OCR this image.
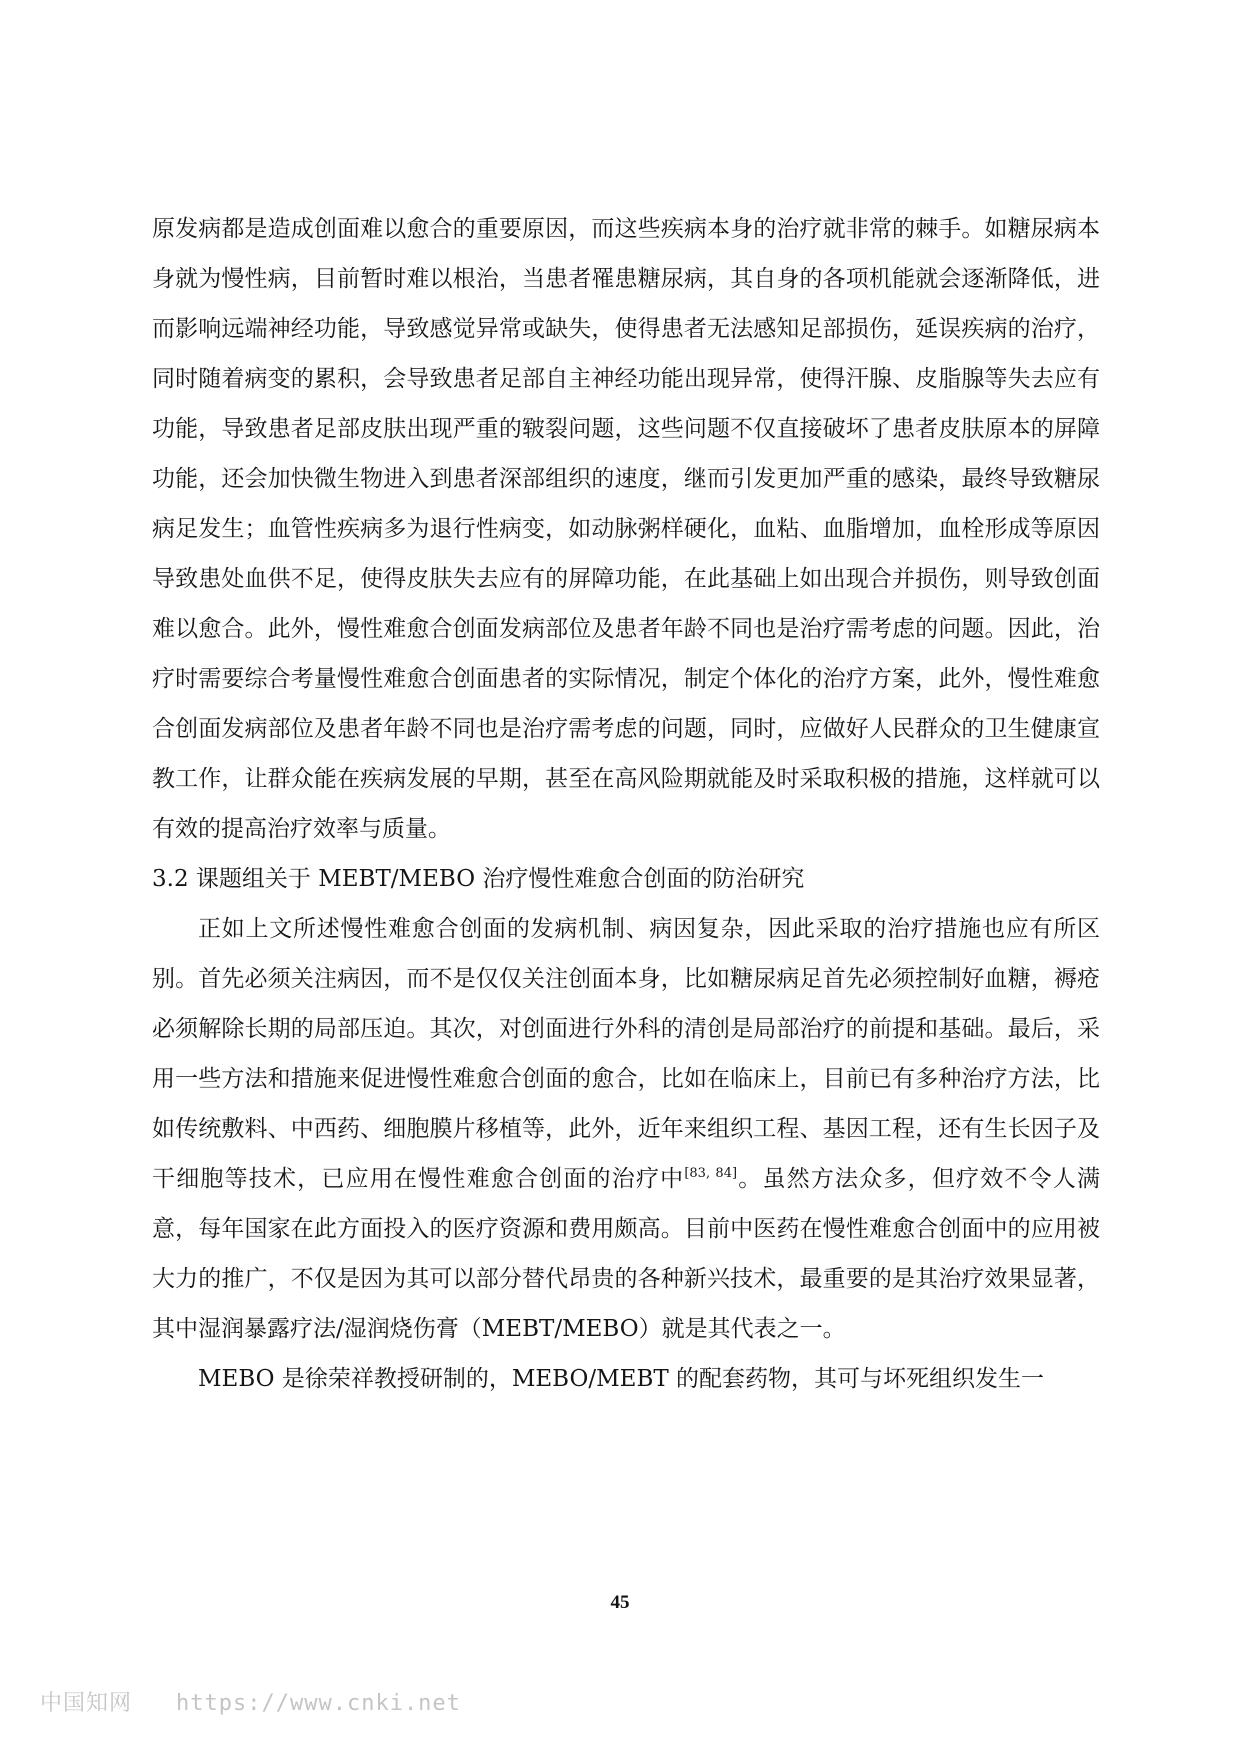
原发病都是造成创面难以愈合的重要原因，而这些疾病本身的治疗就非常的棘手。如糖尿病本身就为慢性病，目前暂时难以根治，当患者罹患糖尿病，其自身的各项机能就会逐渐降低，进而影响远端神经功能，导致感觉异常或缺失，使得患者无法感知足部损伤，延误疾病的治疗，同时随着病变的累积，会导致患者足部自主神经功能出现异常，使得汗腺、皮脂腺等失去应有功能，导致患者足部皮肤出现严重的皲裂问题，这些问题不仅直接破坏了患者皮肤原本的屏障功能，还会加快微生物进入到患者深部组织的速度，继而引发更加严重的感染，最终导致糖尿病足发生；血管性疾病多为退行性病变，如动脉粥样硬化，血粘、血脂增加，血栓形成等原因导致患处血供不足，使得皮肤失去应有的屏障功能，在此基础上如出现合并损伤，则导致创面难以愈合。此外，慢性难愈合创面发病部位及患者年龄不同也是治疗需考虑的问题。因此，治疗时需要综合考量慢性难愈合创面患者的实际情况，制定个体化的治疗方案，此外，慢性难愈合创面发病部位及患者年龄不同也是治疗需考虑的问题，同时，应做好人民群众的卫生健康宣教工作，让群众能在疾病发展的早期，甚至在高风险期就能及时采取积极的措施，这样就可以有效的提高治疗效率与质量。

3.2 课题组关于 MEBT/MEBO 治疗慢性难愈合创面的防治研究

正如上文所述慢性难愈合创面的发病机制、病因复杂，因此采取的治疗措施也应有所区别。首先必须关注病因，而不是仅仅关注创面本身，比如糖尿病足首先必须控制好血糖，褥疮必须解除长期的局部压迫。其次，对创面进行外科的清创是局部治疗的前提和基础。最后，采用一些方法和措施来促进慢性难愈合创面的愈合，比如在临床上，目前已有多种治疗方法，比如传统敷料、中西药、细胞膜片移植等，此外，近年来组织工程、基因工程，还有生长因子及干细胞等技术，已应用在慢性难愈合创面的治疗中[83, 84]。虽然方法众多，但疗效不令人满意，每年国家在此方面投入的医疗资源和费用颇高。目前中医药在慢性难愈合创面中的应用被大力的推广，不仅是因为其可以部分替代昂贵的各种新兴技术，最重要的是其治疗效果显著，其中湿润暴露疗法/湿润烧伤膏（MEBT/MEBO）就是其代表之一。

MEBO 是徐荣祥教授研制的，MEBO/MEBT 的配套药物，其可与坏死组织发生一

45
中国知网 https://www.cnki.net
